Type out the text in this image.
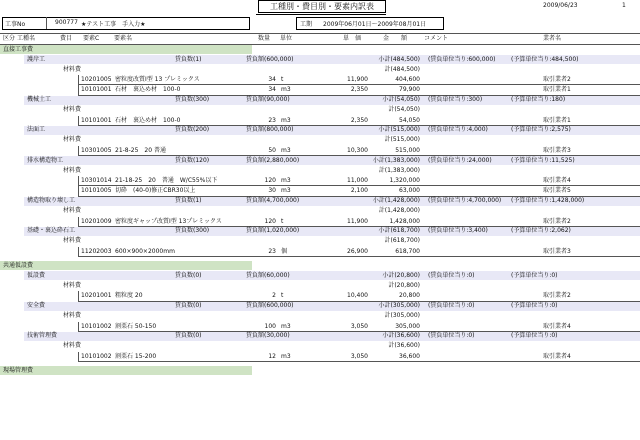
工種別・費目別・要素内訳表	2009/06/23	1
工事No	900777 ★テスト工事　手入力★	工期 2009年06月01日～2009年08月01日
区分 工種名	費目 要素C 要素名	数量 単位	単　価	金　　額	コメント	業者名
直接工事費
護岸工	賃負数(1)	賃負額(600,000)	小計(484,500) (賃負単位当り:600,000)	(予算単位当り:484,500)
材料費	計(484,500)
10201005 密粒度改質Ⅰ型 13 プレミックス	34 t	11,900	404,600	取引業者2
10101001 石材　裏込め材　100-0	34 m3	2,350	79,900	取引業者1
機械土工	賃負数(300)	賃負額(90,000)	小計(54,050) (賃負単位当り:300)	(予算単位当り:180)
材料費	計(54,050)
10101001 石材　裏込め材　100-0	23 m3	2,350	54,050	取引業者1
法面工	賃負数(200)	賃負額(800,000)	小計(515,000) (賃負単位当り:4,000)	(予算単位当り:2,575)
材料費	計(515,000)
10301005 21-8-25　20 普通	50 m3	10,300	515,000	取引業者3
排水構造物工	賃負数(120)	賃負額(2,880,000)	小計(1,383,000) (賃負単位当り:24,000)	(予算単位当り:11,525)
材料費	計(1,383,000)
10301014 21-18-25　20　普通　W/C55%以下	120 m3	11,000	1,320,000	取引業者4
10101005 切砕　(40-0)修正CBR30以上	30 m3	2,100	63,000	取引業者5
構造物取り壊し工	賃負数(1)	賃負額(4,700,000)	小計(1,428,000) (賃負単位当り:4,700,000) (予算単位当り:1,428,000)
材料費	計(1,428,000)
10201009 密粒度ギャップ改質Ⅰ型 13プレミックス	120 t	11,900	1,428,000	取引業者2
基礎・裏込砕石工	賃負数(300)	賃負額(1,020,000)	小計(618,700) (賃負単位当り:3,400)	(予算単位当り:2,062)
材料費	計(618,700)
11202003 600×900×2000mm	23 個	26,900	618,700	取引業者3
共通仮設費
仮設費	賃負数(0)	賃負額(60,000)	小計(20,800) (賃負単位当り:0)	(予算単位当り:0)
材料費	計(20,800)
10201001 粗粒度 20	2 t	10,400	20,800	取引業者2
安全費	賃負数(0)	賃負額(600,000)	小計(305,000) (賃負単位当り:0)	(予算単位当り:0)
材料費	計(305,000)
10101002 割栗石 50-150	100 m3	3,050	305,000	取引業者4
技術管理費	賃負数(0)	賃負額(30,000)	小計(36,600) (賃負単位当り:0)	(予算単位当り:0)
材料費	計(36,600)
10101002 割栗石 15-200	12 m3	3,050	36,600	取引業者4
現場管理費
